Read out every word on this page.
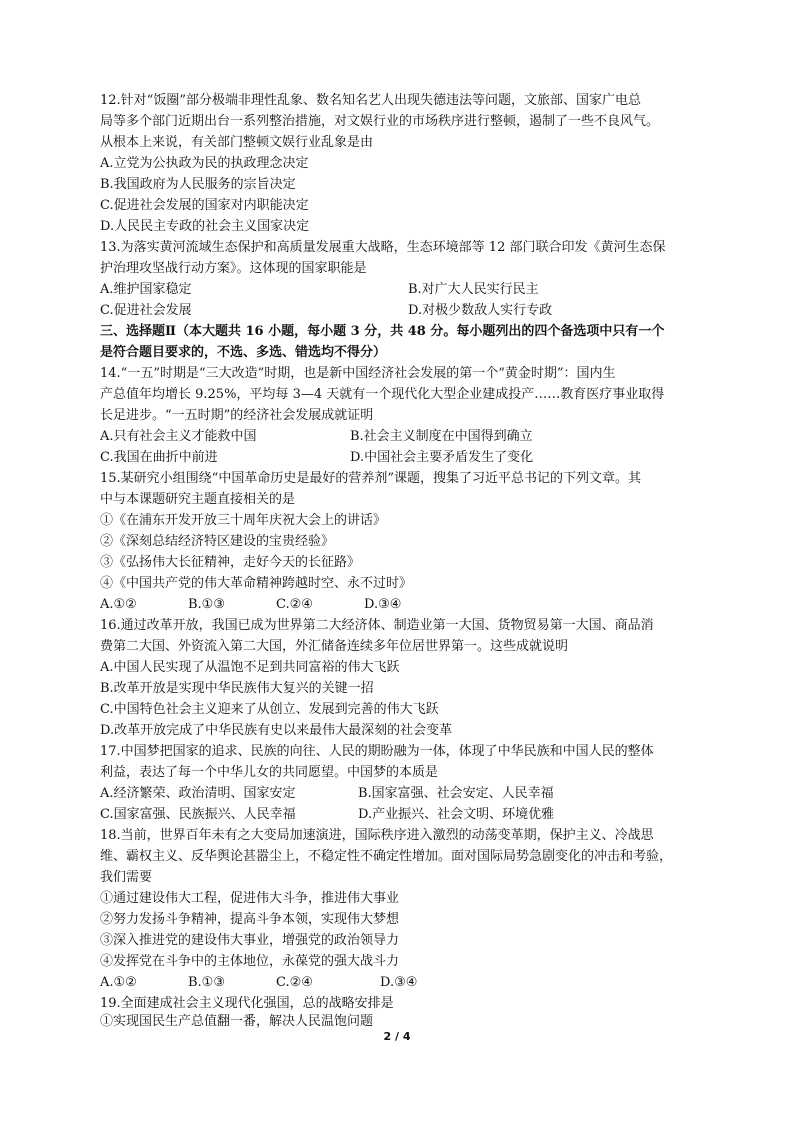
12.针对“饭圈”部分极端非理性乱象、数名知名艺人出现失德违法等问题，文旅部、国家广电总
局等多个部门近期出台一系列整治措施，对文娱行业的市场秩序进行整顿，遏制了一些不良风气。
从根本上来说，有关部门整顿文娱行业乱象是由
A.立党为公执政为民的执政理念决定
B.我国政府为人民服务的宗旨决定
C.促进社会发展的国家对内职能决定
D.人民民主专政的社会主义国家决定
13.为落实黄河流域生态保护和高质量发展重大战略，生态环境部等 12 部门联合印发《黄河生态保
护治理攻坚战行动方案》。这体现的国家职能是
A.维护国家稳定	B.对广大人民实行民主
C.促进社会发展	D.对极少数敌人实行专政
三、选择题Ⅱ（本大题共 16 小题，每小题 3 分，共 48 分。每小题列出的四个备选项中只有一个
是符合题目要求的，不选、多选、错选均不得分）
14.“一五”时期是“三大改造”时期，也是新中国经济社会发展的第一个“黄金时期”：国内生
产总值年均增长 9.25%，平均每 3—4 天就有一个现代化大型企业建成投产……教育医疗事业取得
长足进步。“一五时期”的经济社会发展成就证明
A.只有社会主义才能救中国	B.社会主义制度在中国得到确立
C.我国在曲折中前进	D.中国社会主要矛盾发生了变化
15.某研究小组围绕“中国革命历史是最好的营养剂”课题，搜集了习近平总书记的下列文章。其
中与本课题研究主题直接相关的是
①《在浦东开发开放三十周年庆祝大会上的讲话》
②《深刻总结经济特区建设的宝贵经验》
③《弘扬伟大长征精神，走好今天的长征路》
④《中国共产党的伟大革命精神跨越时空、永不过时》
A.①②	B.①③	C.②④	D.③④
16.通过改革开放，我国已成为世界第二大经济体、制造业第一大国、货物贸易第一大国、商品消
费第二大国、外资流入第二大国，外汇储备连续多年位居世界第一。这些成就说明
A.中国人民实现了从温饱不足到共同富裕的伟大飞跃
B.改革开放是实现中华民族伟大复兴的关键一招
C.中国特色社会主义迎来了从创立、发展到完善的伟大飞跃
D.改革开放完成了中华民族有史以来最伟大最深刻的社会变革
17.中国梦把国家的追求、民族的向往、人民的期盼融为一体，体现了中华民族和中国人民的整体
利益，表达了每一个中华儿女的共同愿望。中国梦的本质是
A.经济繁荣、政治清明、国家安定	B.国家富强、社会安定、人民幸福
C.国家富强、民族振兴、人民幸福	D.产业振兴、社会文明、环境优雅
18.当前，世界百年未有之大变局加速演进，国际秩序进入激烈的动荡变革期，保护主义、冷战思
维、霸权主义、反华舆论甚嚣尘上，不稳定性不确定性增加。面对国际局势急剧变化的冲击和考验，
我们需要
①通过建设伟大工程，促进伟大斗争，推进伟大事业
②努力发扬斗争精神，提高斗争本领，实现伟大梦想
③深入推进党的建设伟大事业，增强党的政治领导力
④发挥党在斗争中的主体地位，永葆党的强大战斗力
A.①②	B.①③	C.②④	D.③④
19.全面建成社会主义现代化强国，总的战略安排是
①实现国民生产总值翻一番，解决人民温饱问题
2 / 4
